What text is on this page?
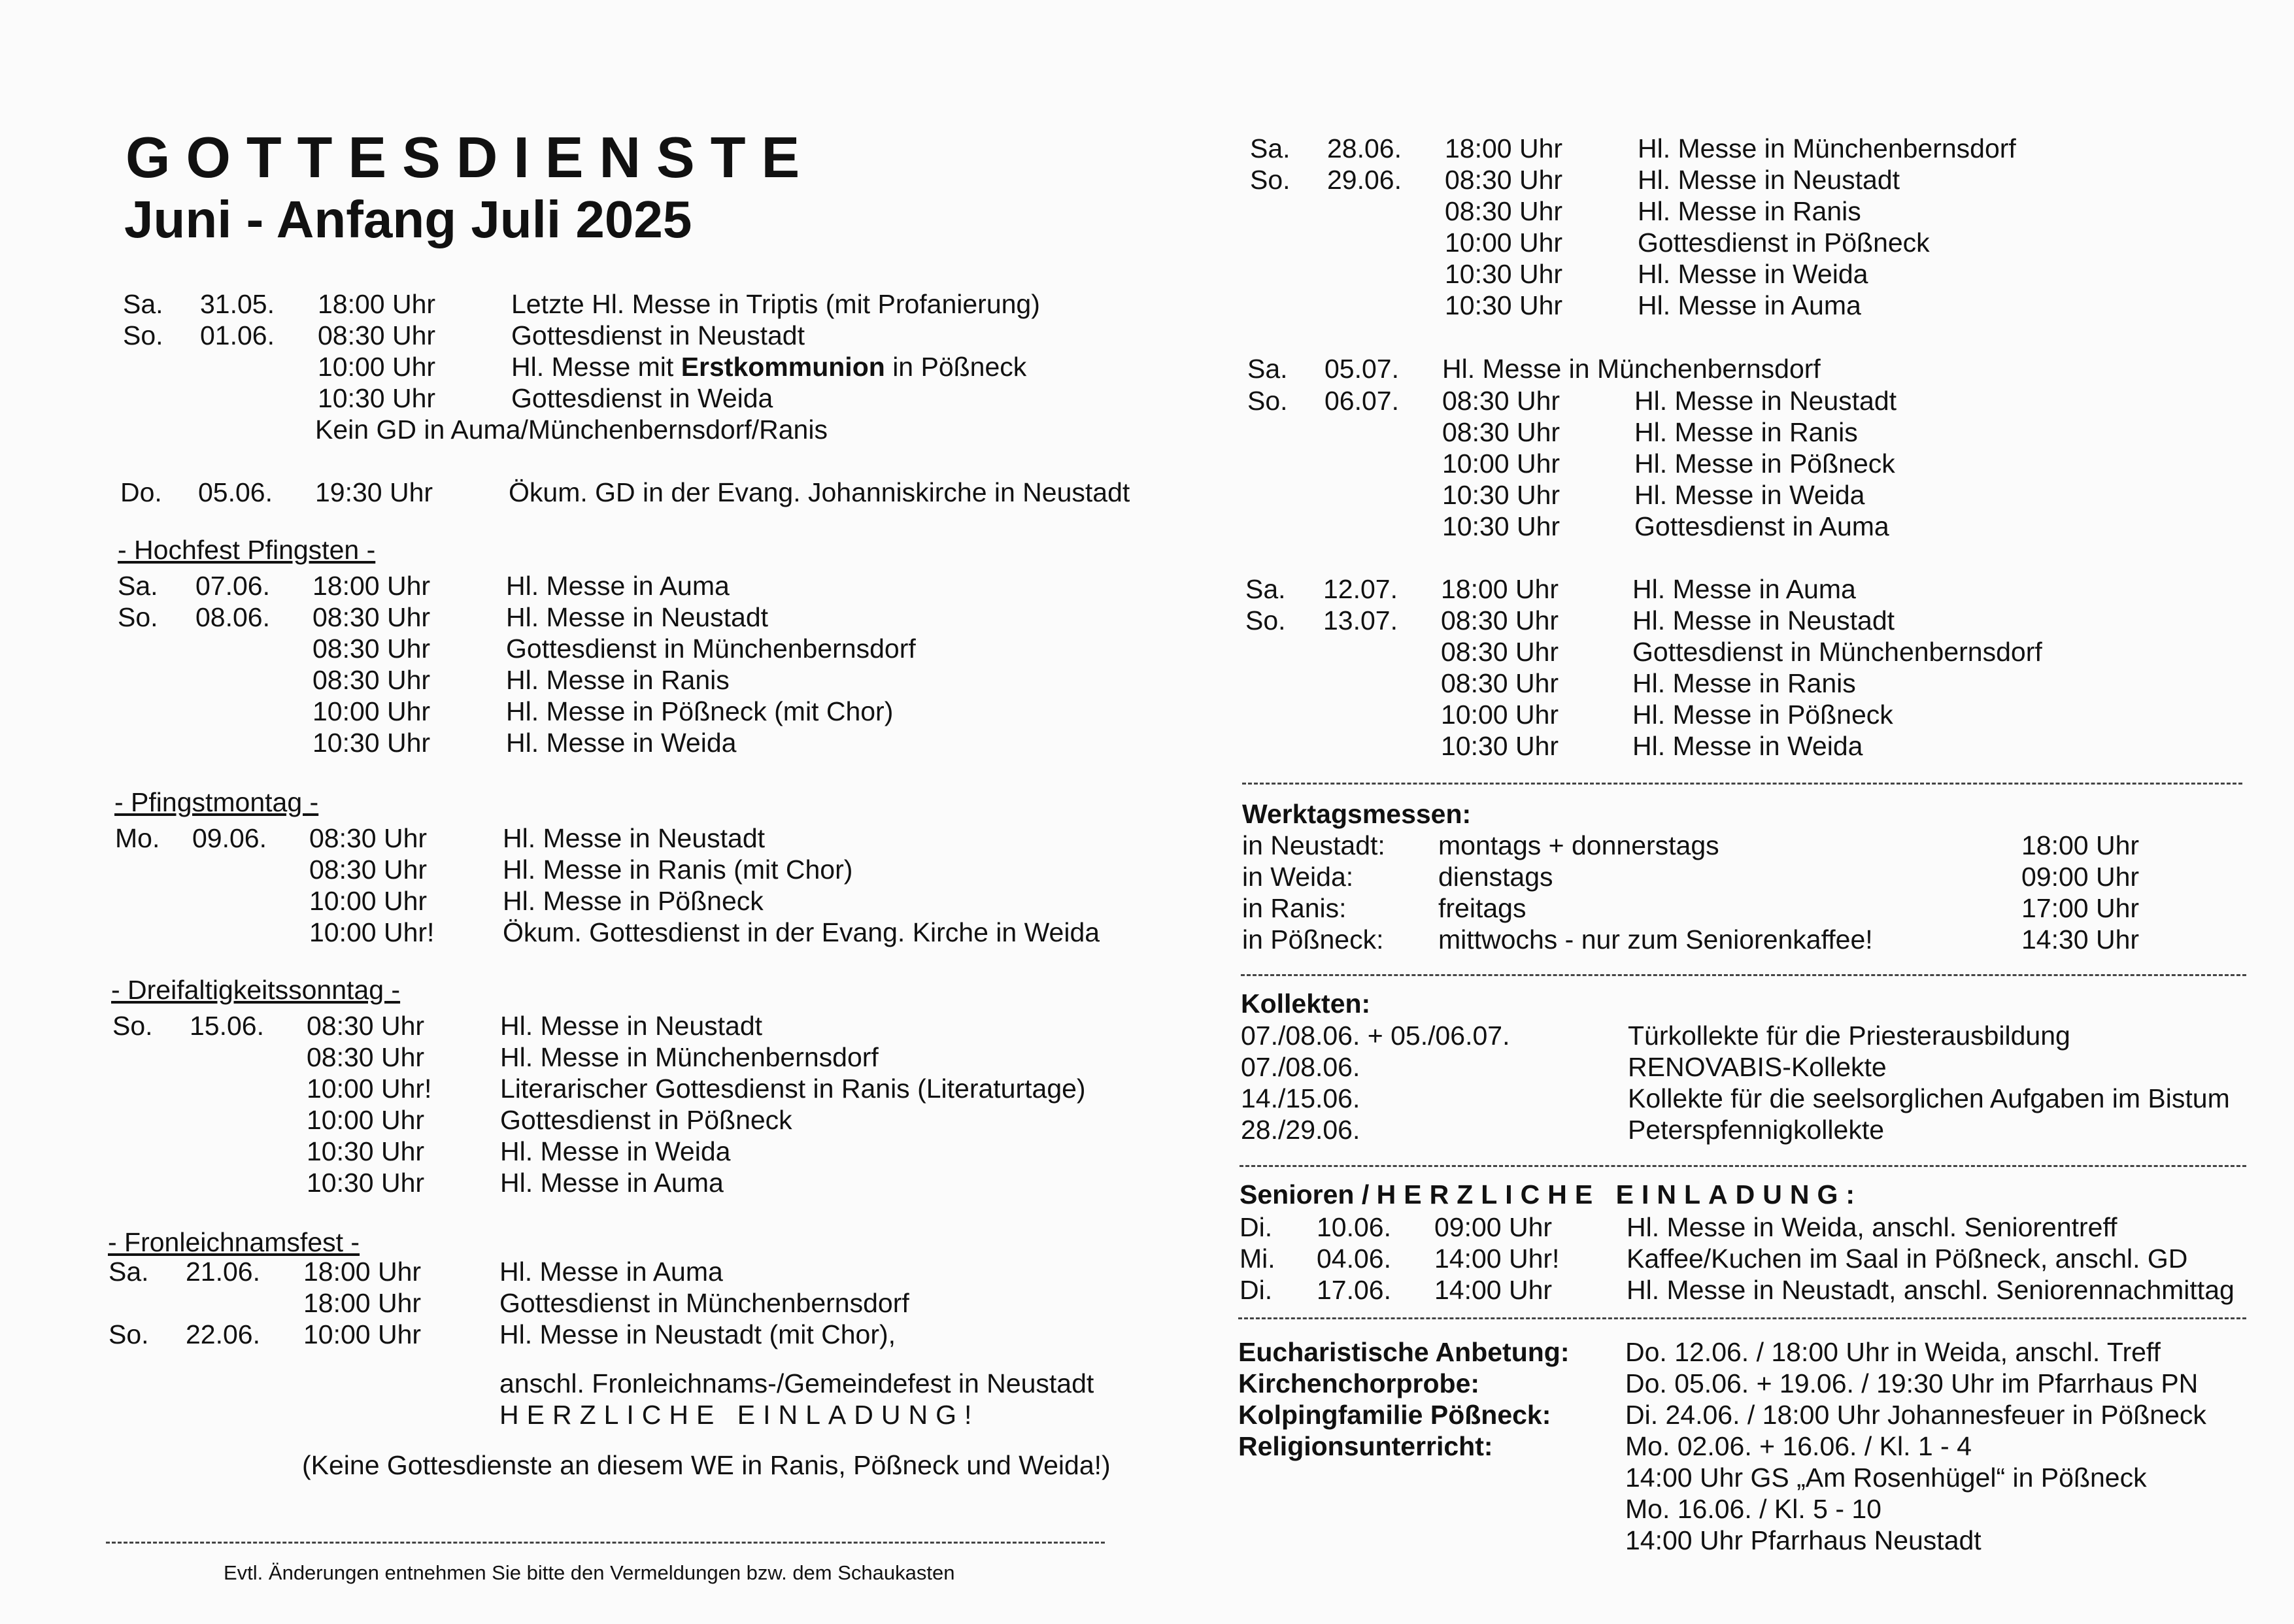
GOTTESDIENSTE
Juni - Anfang Juli 2025
Sa. 31.05. 18:00 Uhr	Letzte Hl. Messe in Triptis (mit Profanierung)
So. 01.06. 08:30 Uhr	Gottesdienst in Neustadt
10:00 Uhr	Hl. Messe mit Erstkommunion in Pößneck
10:30 Uhr	Gottesdienst in Weida
Kein GD in Auma/Münchenbernsdorf/Ranis
Do. 05.06. 19:30 Uhr	Ökum. GD in der Evang. Johanniskirche in Neustadt
- Hochfest Pfingsten -
Sa. 07.06. 18:00 Uhr	Hl. Messe in Auma
So. 08.06. 08:30 Uhr	Hl. Messe in Neustadt
08:30 Uhr	Gottesdienst in Münchenbernsdorf
08:30 Uhr	Hl. Messe in Ranis
10:00 Uhr	Hl. Messe in Pößneck (mit Chor)
10:30 Uhr	Hl. Messe in Weida
- Pfingstmontag -
Mo. 09.06. 08:30 Uhr	Hl. Messe in Neustadt
08:30 Uhr	Hl. Messe in Ranis (mit Chor)
10:00 Uhr	Hl. Messe in Pößneck
10:00 Uhr!	Ökum. Gottesdienst in der Evang. Kirche in Weida
- Dreifaltigkeitssonntag -
So. 15.06. 08:30 Uhr	Hl. Messe in Neustadt
08:30 Uhr	Hl. Messe in Münchenbernsdorf
10:00 Uhr!	Literarischer Gottesdienst in Ranis (Literaturtage)
10:00 Uhr	Gottesdienst in Pößneck
10:30 Uhr	Hl. Messe in Weida
10:30 Uhr	Hl. Messe in Auma
- Fronleichnamsfest -
Sa. 21.06. 18:00 Uhr	Hl. Messe in Auma
18:00 Uhr	Gottesdienst in Münchenbernsdorf
So. 22.06. 10:00 Uhr	Hl. Messe in Neustadt (mit Chor),
anschl. Fronleichnams-/Gemeindefest in Neustadt
HERZLICHE EINLADUNG!
(Keine Gottesdienste an diesem WE in Ranis, Pößneck und Weida!)
Evtl. Änderungen entnehmen Sie bitte den Vermeldungen bzw. dem Schaukasten
Sa. 28.06. 18:00 Uhr	Hl. Messe in Münchenbernsdorf
So. 29.06. 08:30 Uhr	Hl. Messe in Neustadt
08:30 Uhr	Hl. Messe in Ranis
10:00 Uhr	Gottesdienst in Pößneck
10:30 Uhr	Hl. Messe in Weida
10:30 Uhr	Hl. Messe in Auma
Sa. 05.07. Hl. Messe in Münchenbernsdorf
So. 06.07. 08:30 Uhr	Hl. Messe in Neustadt
08:30 Uhr	Hl. Messe in Ranis
10:00 Uhr	Hl. Messe in Pößneck
10:30 Uhr	Hl. Messe in Weida
10:30 Uhr	Gottesdienst in Auma
Sa. 12.07. 18:00 Uhr	Hl. Messe in Auma
So. 13.07. 08:30 Uhr	Hl. Messe in Neustadt
08:30 Uhr	Gottesdienst in Münchenbernsdorf
08:30 Uhr	Hl. Messe in Ranis
10:00 Uhr	Hl. Messe in Pößneck
10:30 Uhr	Hl. Messe in Weida
Werktagsmessen:
in Neustadt: montags + donnerstags	18:00 Uhr
in Weida:	dienstags	09:00 Uhr
in Ranis:	freitags	17:00 Uhr
in Pößneck: mittwochs - nur zum Seniorenkaffee!	14:30 Uhr
Kollekten:
07./08.06. + 05./06.07.	Türkollekte für die Priesterausbildung
07./08.06.	RENOVABIS-Kollekte
14./15.06.	Kollekte für die seelsorglichen Aufgaben im Bistum
28./29.06.	Peterspfennigkollekte
Senioren / HERZLICHE EINLADUNG:
Di. 10.06. 09:00 Uhr	Hl. Messe in Weida, anschl. Seniorentreff
Mi. 04.06. 14:00 Uhr!	Kaffee/Kuchen im Saal in Pößneck, anschl. GD
Di. 17.06. 14:00 Uhr	Hl. Messe in Neustadt, anschl. Seniorennachmittag
Eucharistische Anbetung: Do. 12.06. / 18:00 Uhr in Weida, anschl. Treff
Kirchenchorprobe:	Do. 05.06. + 19.06. / 19:30 Uhr im Pfarrhaus PN
Kolpingfamilie Pößneck:	Di. 24.06. / 18:00 Uhr Johannesfeuer in Pößneck
Religionsunterricht:	Mo. 02.06. + 16.06. / Kl. 1 - 4
14:00 Uhr GS „Am Rosenhügel“ in Pößneck
Mo. 16.06. / Kl. 5 - 10
14:00 Uhr Pfarrhaus Neustadt
